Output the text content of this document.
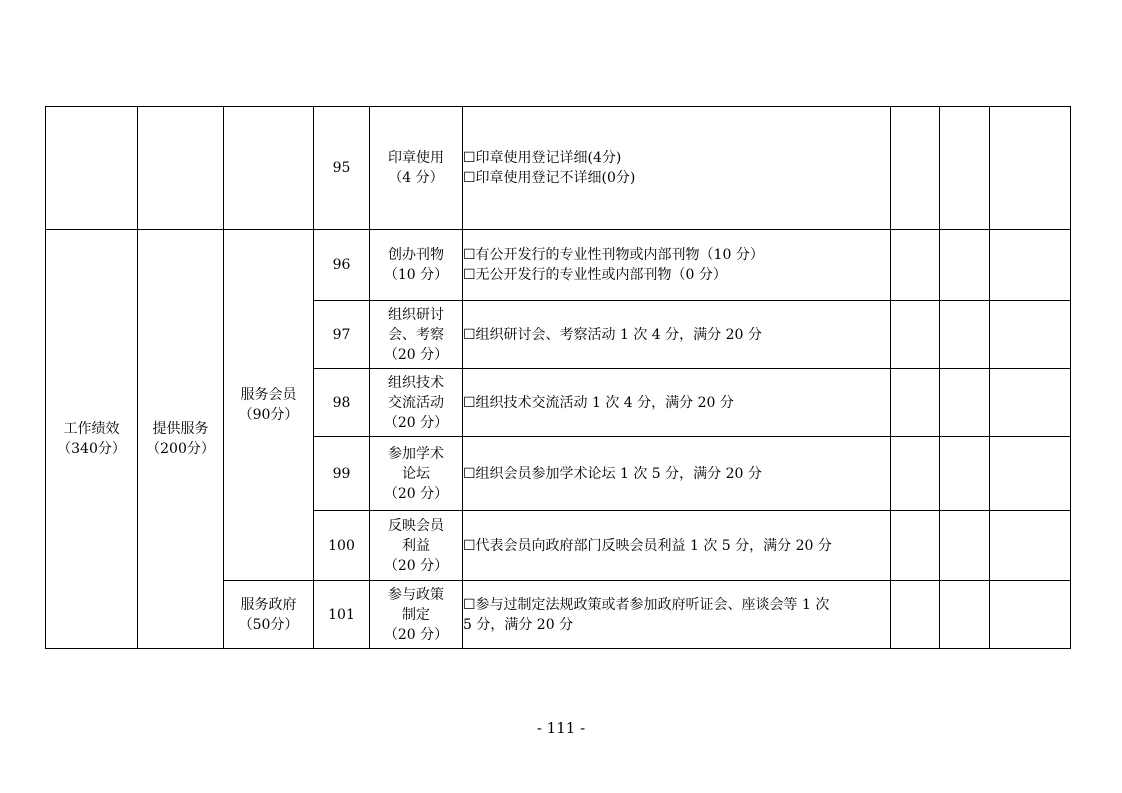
			95	印章使用
（4 分）	☐印章使用登记详细(4分)
☐印章使用登记不详细(0分)			

工作绩效
（340分）	提供服务
（200分）	服务会员
（90分）	96	创办刊物
（10 分）	☐有公开发行的专业性刊物或内部刊物（10 分）
☐无公开发行的专业性或内部刊物（0 分）			

			97	组织研讨
会、考察
（20 分）	☐组织研讨会、考察活动 1 次 4 分，满分 20 分			

			98	组织技术
交流活动
（20 分）	☐组织技术交流活动 1 次 4 分，满分 20 分			

			99	参加学术
论坛
（20 分）	☐组织会员参加学术论坛 1 次 5 分，满分 20 分			

			100	反映会员
利益
（20 分）	☐代表会员向政府部门反映会员利益 1 次 5 分，满分 20 分			

		服务政府
（50分）	101	参与政策
制定
（20 分）	☐参与过制定法规政策或者参加政府听证会、座谈会等 1 次
5 分，满分 20 分			

- 111 -
